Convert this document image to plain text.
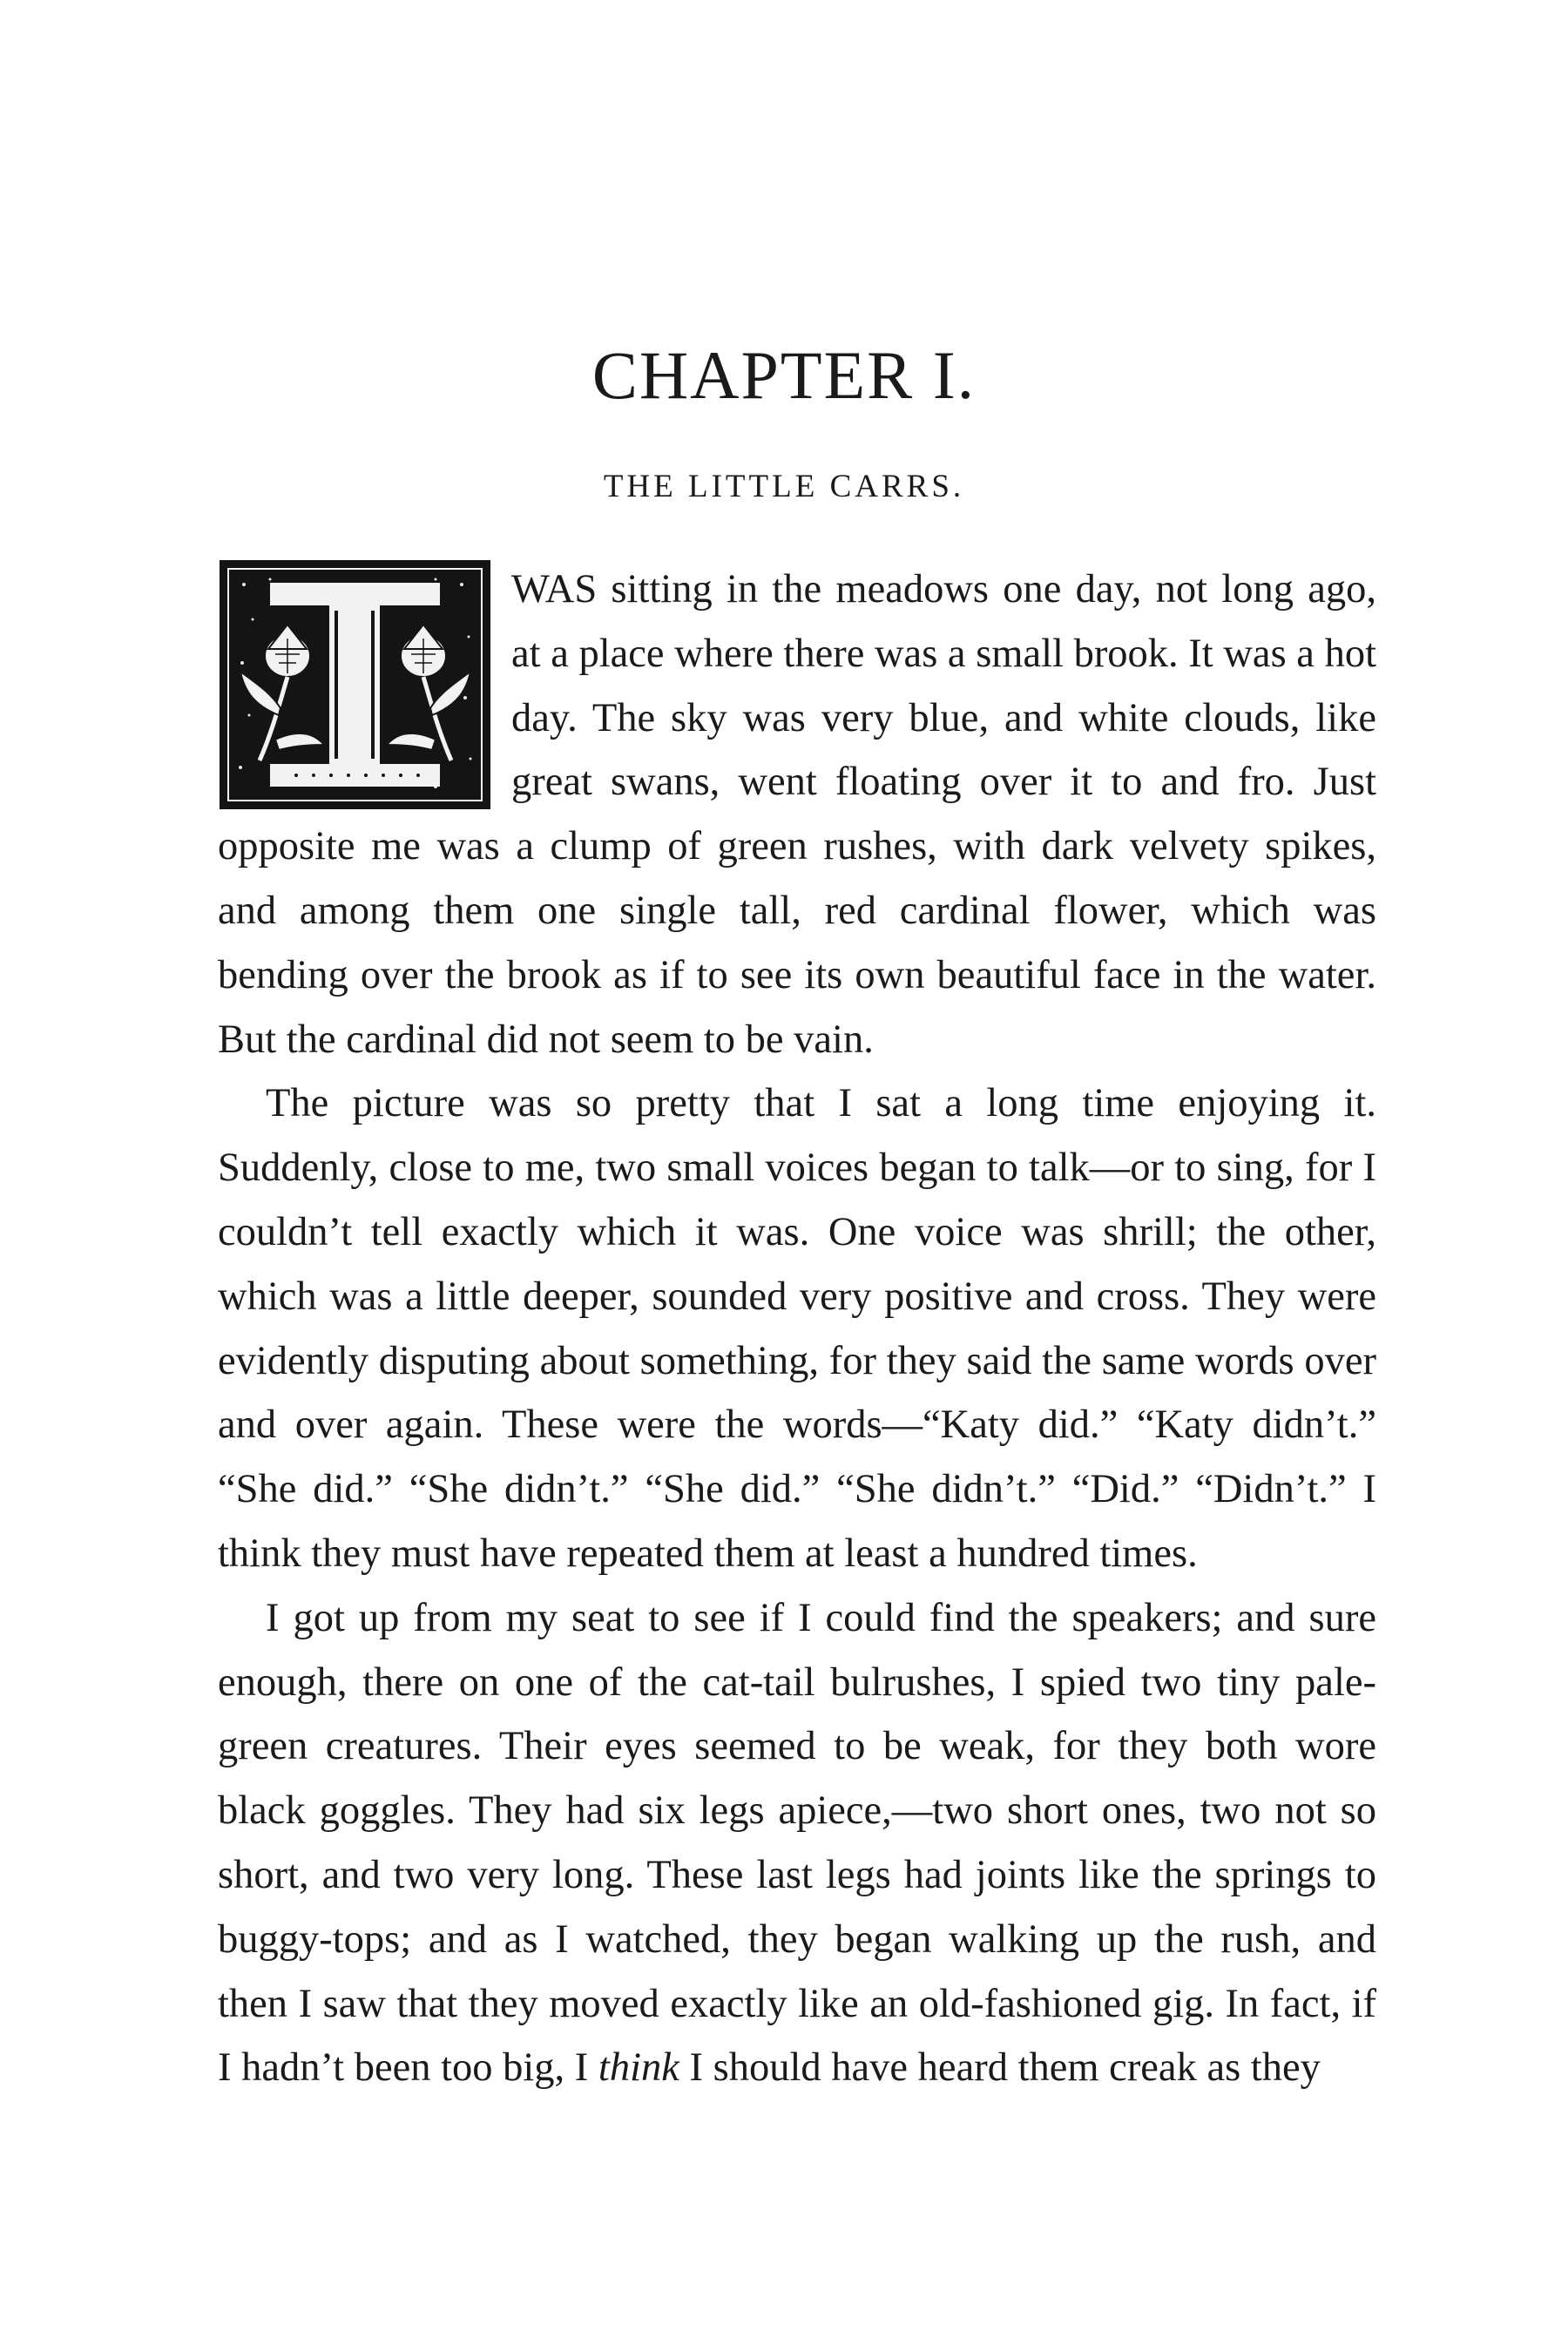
CHAPTER I.
THE LITTLE CARRS.

WAS sitting in the meadows one day, not long ago, at a place where there was a small brook. It was a hot day. The sky was very blue, and white clouds, like great swans, went floating over it to and fro. Just opposite me was a clump of green rushes, with dark velvety spikes, and among them one single tall, red cardinal flower, which was bending over the brook as if to see its own beautiful face in the water. But the cardinal did not seem to be vain.

The picture was so pretty that I sat a long time enjoying it. Suddenly, close to me, two small voices began to talk—or to sing, for I couldn’t tell exactly which it was. One voice was shrill; the other, which was a little deeper, sounded very positive and cross. They were evidently disputing about something, for they said the same words over and over again. These were the words—“Katy did.” “Katy didn’t.” “She did.” “She didn’t.” “She did.” “She didn’t.” “Did.” “Didn’t.” I think they must have repeated them at least a hundred times.

I got up from my seat to see if I could find the speakers; and sure enough, there on one of the cat-tail bulrushes, I spied two tiny pale-green creatures. Their eyes seemed to be weak, for they both wore black goggles. They had six legs apiece,—two short ones, two not so short, and two very long. These last legs had joints like the springs to buggy-tops; and as I watched, they began walking up the rush, and then I saw that they moved exactly like an old-fashioned gig. In fact, if I hadn’t been too big, I think I should have heard them creak as they
